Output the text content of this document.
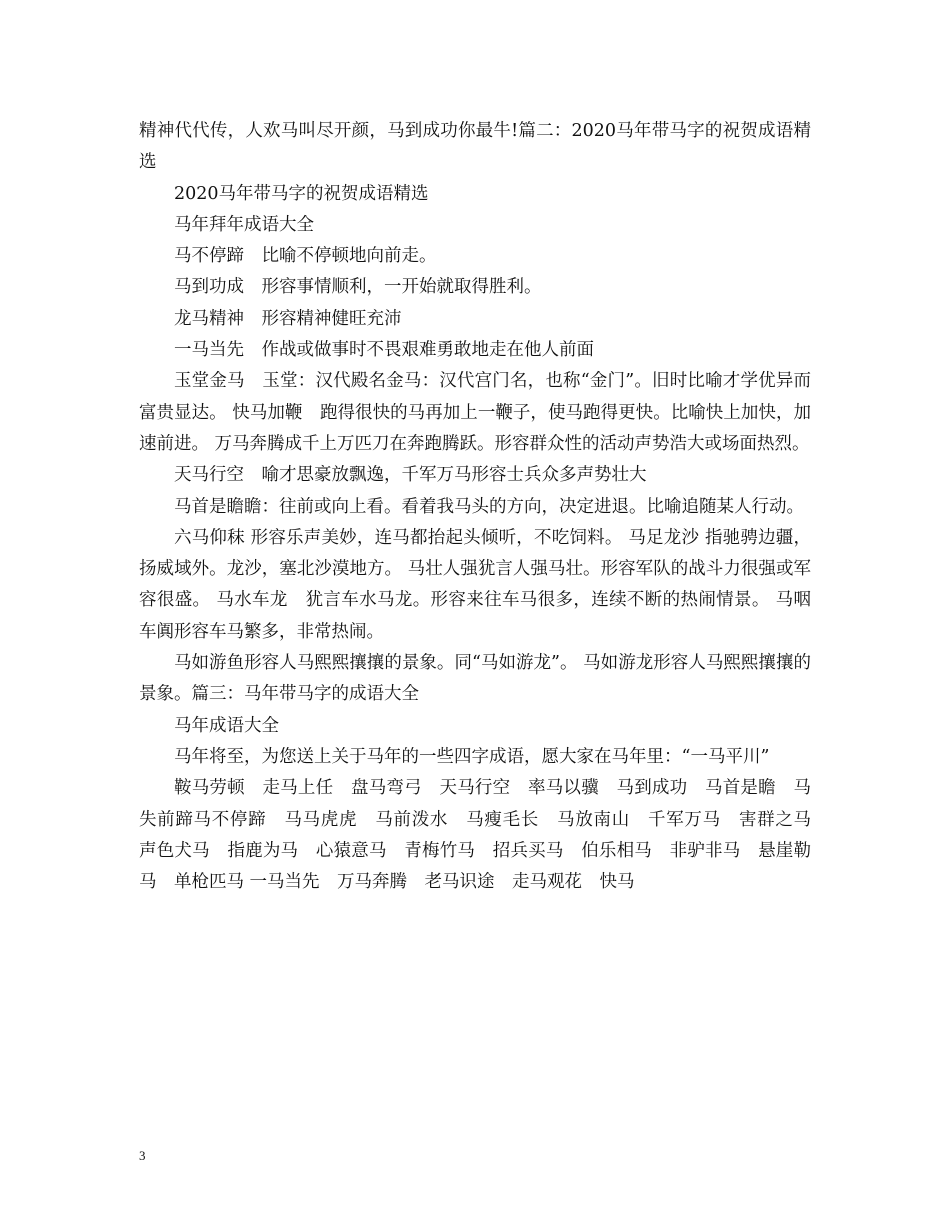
精神代代传，人欢马叫尽开颜，马到成功你最牛!篇二：2020马年带马字的祝贺成语精选

2020马年带马字的祝贺成语精选

马年拜年成语大全

马不停蹄　比喻不停顿地向前走。

马到功成　形容事情顺利，一开始就取得胜利。

龙马精神　形容精神健旺充沛

一马当先　作战或做事时不畏艰难勇敢地走在他人前面

玉堂金马　玉堂：汉代殿名金马：汉代宫门名，也称“金门”。旧时比喻才学优异而富贵显达。 快马加鞭　跑得很快的马再加上一鞭子，使马跑得更快。比喻快上加快，加速前进。 万马奔腾成千上万匹刀在奔跑腾跃。形容群众性的活动声势浩大或场面热烈。

天马行空　喻才思豪放飘逸，千军万马形容士兵众多声势壮大

马首是瞻瞻：往前或向上看。看着我马头的方向，决定进退。比喻追随某人行动。

六马仰秣 形容乐声美妙，连马都抬起头倾听，不吃饲料。 马足龙沙 指驰骋边疆，扬威域外。龙沙，塞北沙漠地方。 马壮人强犹言人强马壮。形容军队的战斗力很强或军容很盛。 马水车龙　犹言车水马龙。形容来往车马很多，连续不断的热闹情景。 马咽车阗形容车马繁多，非常热闹。

马如游鱼形容人马熙熙攘攘的景象。同“马如游龙”。 马如游龙形容人马熙熙攘攘的景象。篇三：马年带马字的成语大全

马年成语大全

马年将至，为您送上关于马年的一些四字成语，愿大家在马年里：“一马平川”

鞍马劳顿　走马上任　盘马弯弓　天马行空　率马以骥　马到成功　马首是瞻　马失前蹄马不停蹄　马马虎虎　马前泼水　马瘦毛长　马放南山　千军万马　害群之马　声色犬马　指鹿为马　心猿意马　青梅竹马　招兵买马　伯乐相马　非驴非马　悬崖勒马　单枪匹马 一马当先　万马奔腾　老马识途　走马观花　快马

3
